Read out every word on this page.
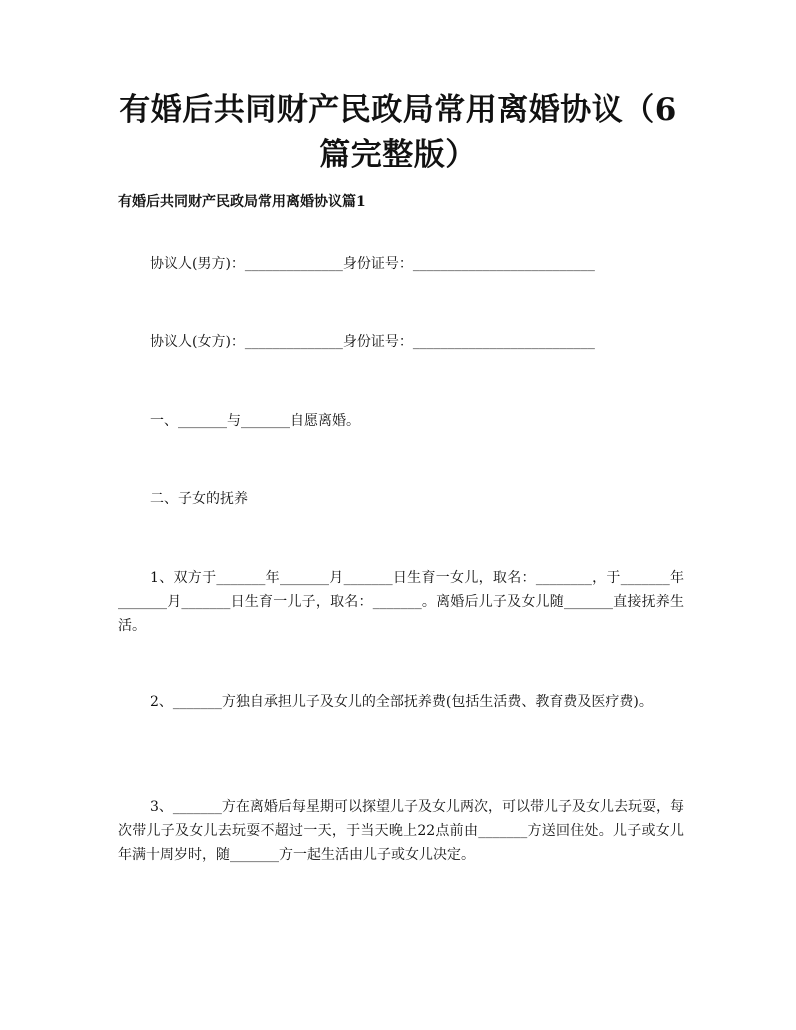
有婚后共同财产民政局常用离婚协议（6篇完整版）
有婚后共同财产民政局常用离婚协议篇1

协议人(男方)：______________身份证号：__________________________

协议人(女方)：______________身份证号：__________________________

一、_______与_______自愿离婚。

二、子女的抚养

1、双方于_______年_______月_______日生育一女儿，取名：________，于_______年_______月_______日生育一儿子，取名：_______。离婚后儿子及女儿随_______直接抚养生活。

2、_______方独自承担儿子及女儿的全部抚养费(包括生活费、教育费及医疗费)。

3、_______方在离婚后每星期可以探望儿子及女儿两次，可以带儿子及女儿去玩耍，每次带儿子及女儿去玩耍不超过一天，于当天晚上22点前由_______方送回住处。儿子或女儿年满十周岁时，随_______方一起生活由儿子或女儿决定。
